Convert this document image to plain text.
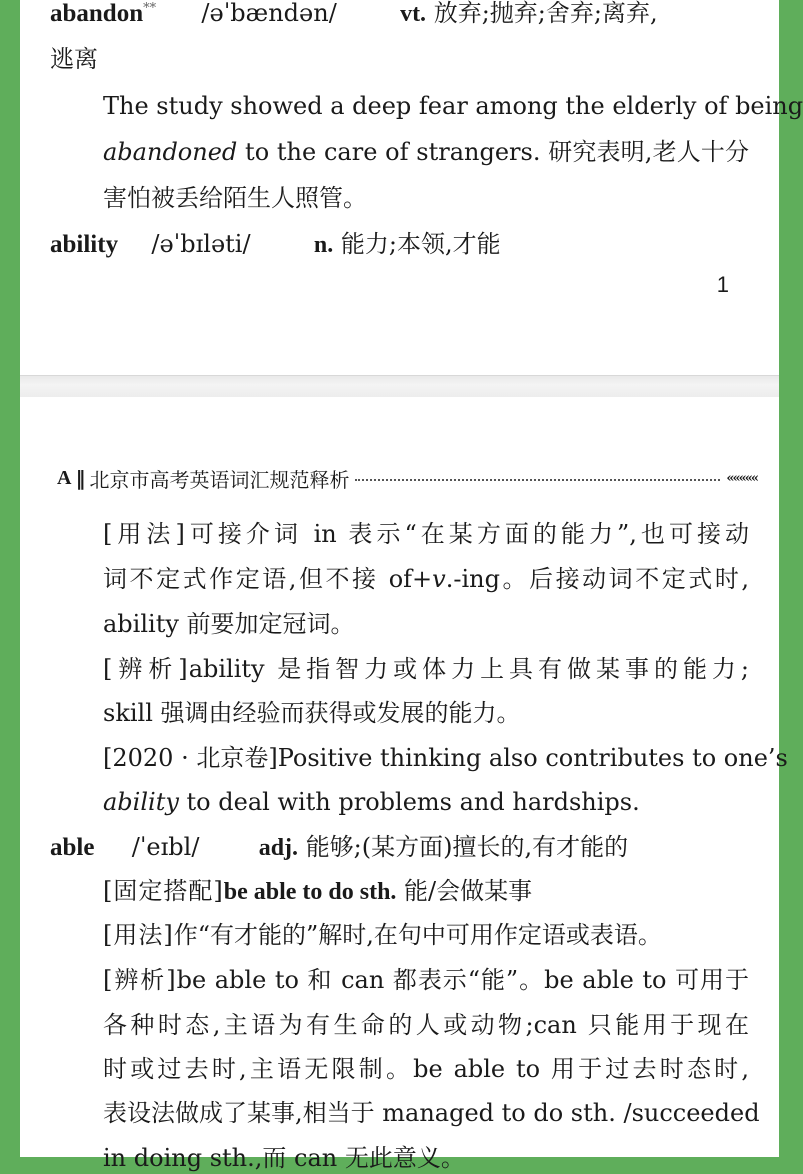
abandon** /əˈbændən/	vt. 放弃;抛弃;舍弃;离弃,
逃离
The study showed a deep fear among the elderly of being
abandoned to the care of strangers. 研究表明,老人十分
害怕被丢给陌生人照管。
ability /əˈbɪləti/	n. 能力;本领,才能
1
A ‖ 北京市高考英语词汇规范释析	«««««
[用法]可接介词 in 表示“在某方面的能力”,也可接动
词不定式作定语,但不接 of+v.-ing。后接动词不定式时,
ability 前要加定冠词。
[辨析]ability 是指智力或体力上具有做某事的能力;
skill 强调由经验而获得或发展的能力。
[2020 · 北京卷]Positive thinking also contributes to one’s
ability to deal with problems and hardships.
able /ˈeɪbl/ adj. 能够;(某方面)擅长的,有才能的
[固定搭配]be able to do sth. 能/会做某事
[用法]作“有才能的”解时,在句中可用作定语或表语。
[辨析]be able to 和 can 都表示“能”。be able to 可用于
各种时态,主语为有生命的人或动物;can 只能用于现在
时或过去时,主语无限制。be able to 用于过去时态时,
表设法做成了某事,相当于 managed to do sth. /succeeded
in doing sth.,而 can 无此意义。
